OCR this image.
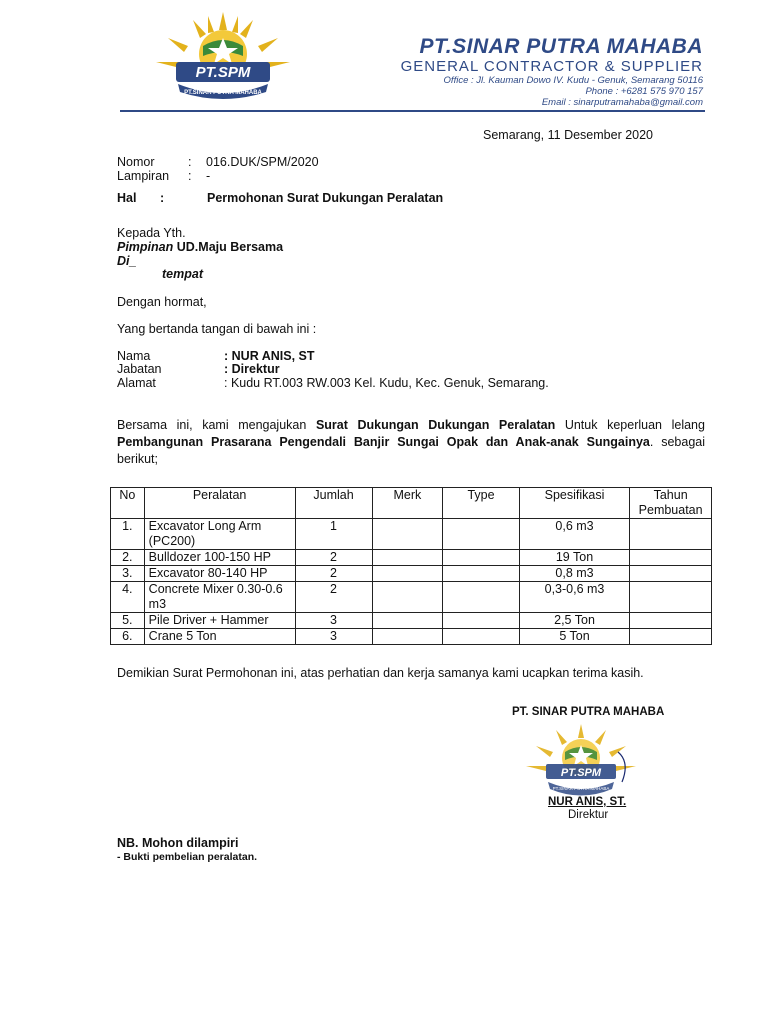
PT.SPM
PT.SINAR PUTRA MAHABA
PT.SINAR PUTRA MAHABA
GENERAL CONTRACTOR & SUPPLIER
Office : Jl. Kauman Dowo IV. Kudu - Genuk, Semarang 50116
Phone : +6281 575 970 157
Email : sinarputramahaba@gmail.com
Semarang, 11 Desember 2020
Nomor	: 016.DUK/SPM/2020
Lampiran : -
Hal :	Permohonan Surat Dukungan Peralatan
Kepada Yth.
Pimpinan UD.Maju Bersama
Di_
tempat
Dengan hormat,
Yang bertanda tangan di bawah ini :
Nama	: NUR ANIS, ST
Jabatan	: Direktur
Alamat	: Kudu RT.003 RW.003 Kel. Kudu, Kec. Genuk, Semarang.
Bersama ini, kami mengajukan Surat Dukungan Dukungan Peralatan Untuk keperluan lelang Pembangunan Prasarana Pengendali Banjir Sungai Opak dan Anak-anak Sungainya. sebagai berikut;
No	Peralatan	Jumlah	Merk	Type	Spesifikasi	Tahun Pembuatan
1.	Excavator Long Arm (PC200)	1			0,6 m3	
2.	Bulldozer 100-150 HP	2			19 Ton	
3.	Excavator 80-140 HP	2			0,8 m3	
4.	Concrete Mixer 0.30-0.6 m3	2			0,3-0,6 m3	
5.	Pile Driver + Hammer	3			2,5 Ton	
6.	Crane 5 Ton	3			5 Ton	
Demikian Surat Permohonan ini, atas perhatian dan kerja samanya kami ucapkan terima kasih.
PT. SINAR PUTRA MAHABA
PT.SPM
PT.SINAR PUTRA MAHABA
NUR ANIS, ST.
Direktur
NB. Mohon dilampiri
- Bukti pembelian peralatan.
